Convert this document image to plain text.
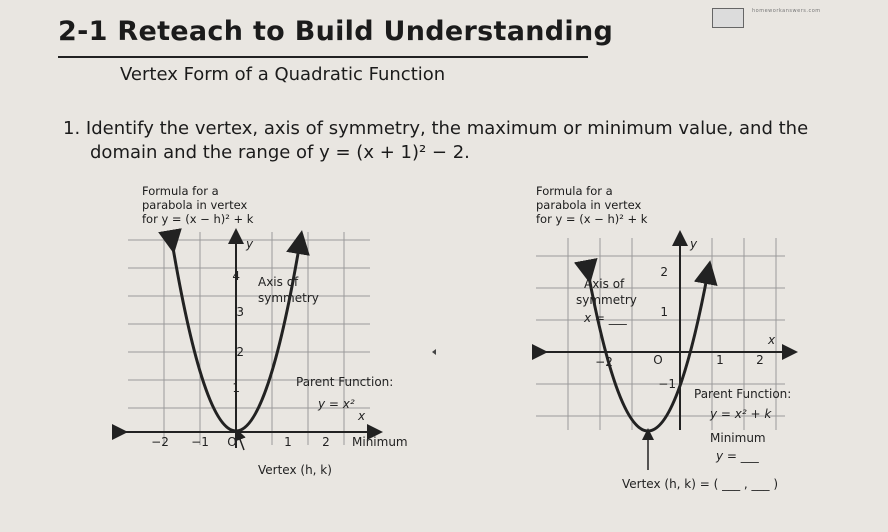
homeworkanswers.com
2-1 Reteach to Build Understanding
Vertex Form of a Quadratic Function
1. Identify the vertex, axis of symmetry, the maximum or minimum value, and the
domain and the range of y = (x + 1)² − 2.
Formula for a
parabola in vertex
for y = (x − h)² + k
Formula for a
parabola in vertex
for y = (x − h)² + k
y
4
3
2
1
−2 −1 O	1	2
x
Axis of
symmetry
Parent Function:
y = x²
Minimum
Vertex (h, k)
y
2
1
−1
−2	O	1	2
x
Axis of
symmetry
x = ___
Parent Function:
y = x² + k
Minimum
y = ___
Vertex (h, k) = ( ___ , ___ )
